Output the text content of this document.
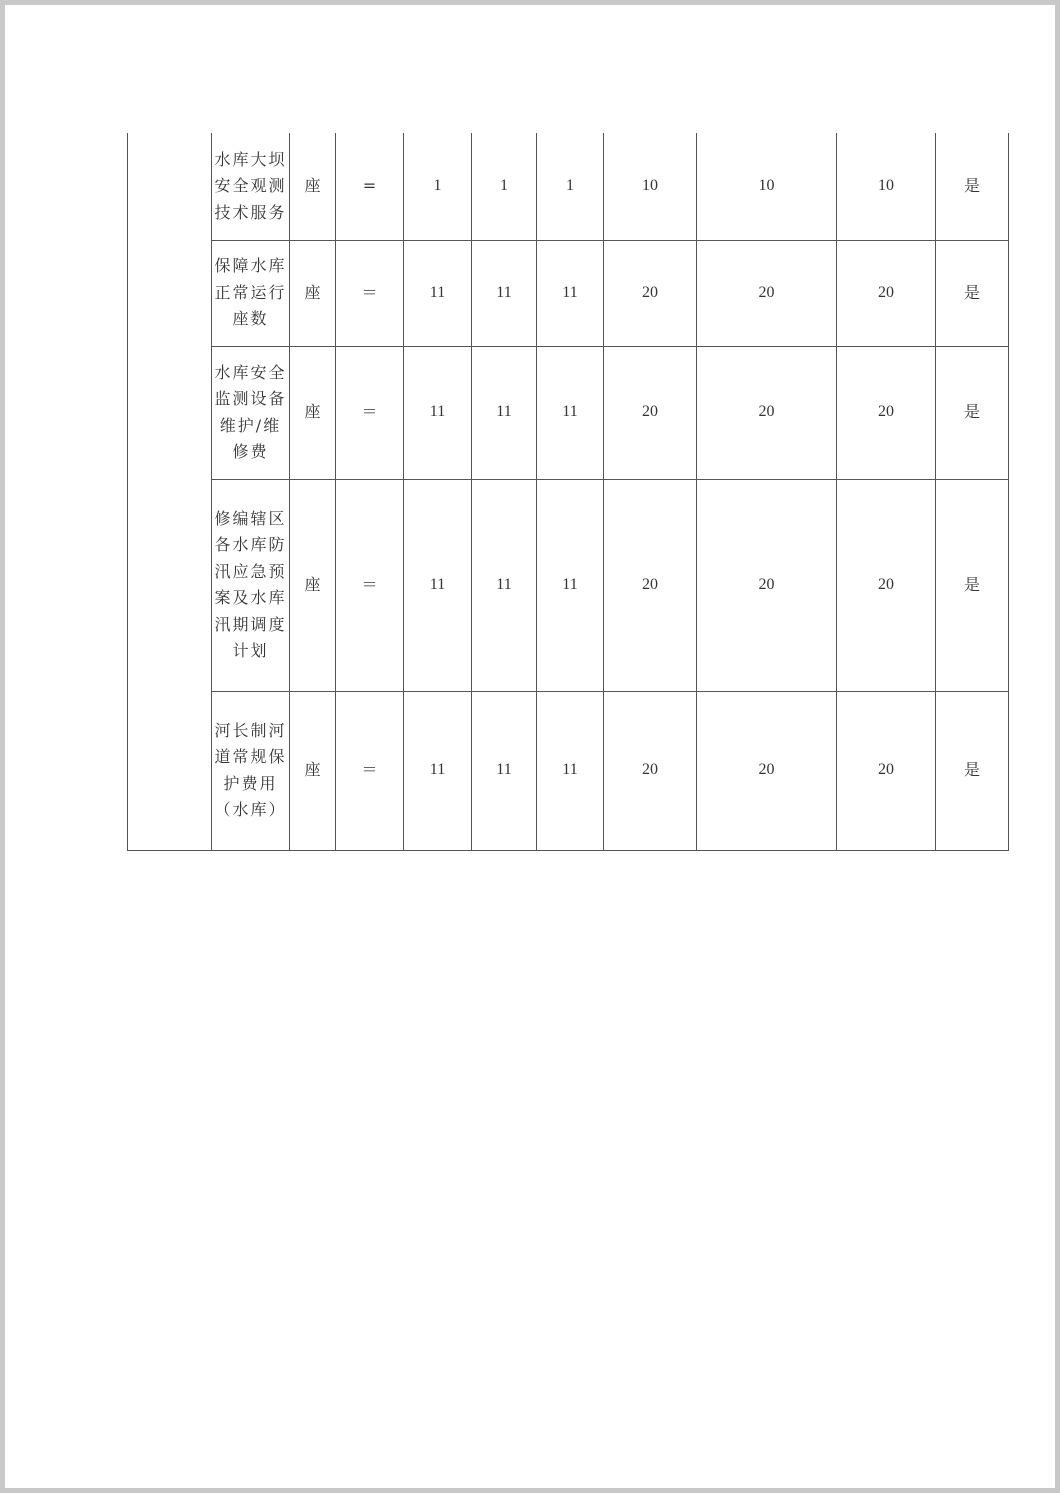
	水库大坝安全观测技术服务	座	=	1	1	1	10	10	10	是
	保障水库正常运行座数	座	＝	11	11	11	20	20	20	是
	水库安全监测设备维护/维修费	座	＝	11	11	11	20	20	20	是
	修编辖区各水库防汛应急预案及水库汛期调度计划	座	＝	11	11	11	20	20	20	是
	河长制河道常规保护费用（水库）	座	＝	11	11	11	20	20	20	是
